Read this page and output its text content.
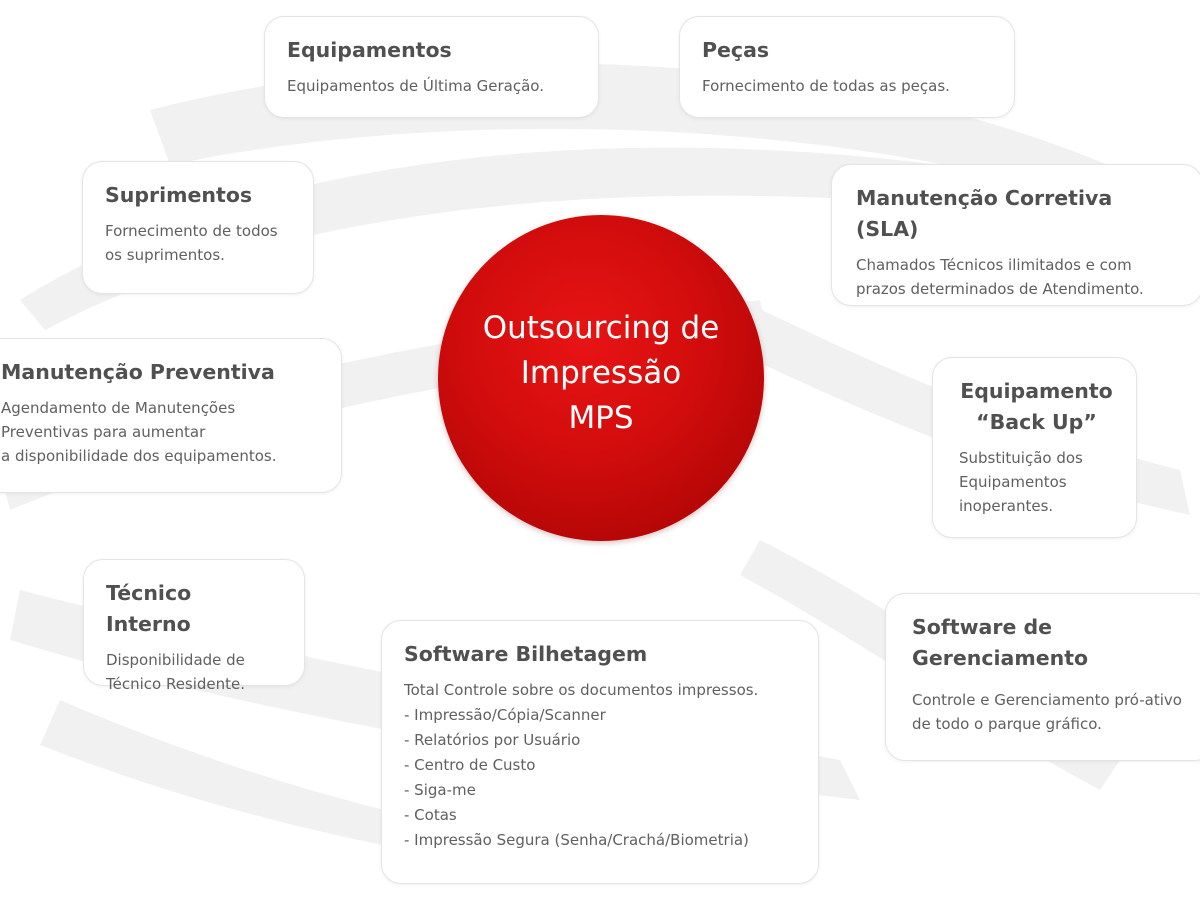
Outsourcing de
Impressão
MPS
Equipamentos
Equipamentos de Última Geração.
Peças
Fornecimento de todas as peças.
Suprimentos
Fornecimento de todos
os suprimentos.
Manutenção Corretiva (SLA)
Chamados Técnicos ilimitados e com
prazos determinados de Atendimento.
Manutenção Preventiva
Agendamento de Manutenções
Preventivas para aumentar
a disponibilidade dos equipamentos.
Equipamento
“Back Up”
Substituição dos
Equipamentos
inoperantes.
Técnico Interno
Disponibilidade de
Técnico Residente.
Software Bilhetagem
Total Controle sobre os documentos impressos.
- Impressão/Cópia/Scanner
- Relatórios por Usuário
- Centro de Custo
- Siga-me
- Cotas
- Impressão Segura (Senha/Crachá/Biometria)
Software de
Gerenciamento
Controle e Gerenciamento pró-ativo
de todo o parque gráfico.
